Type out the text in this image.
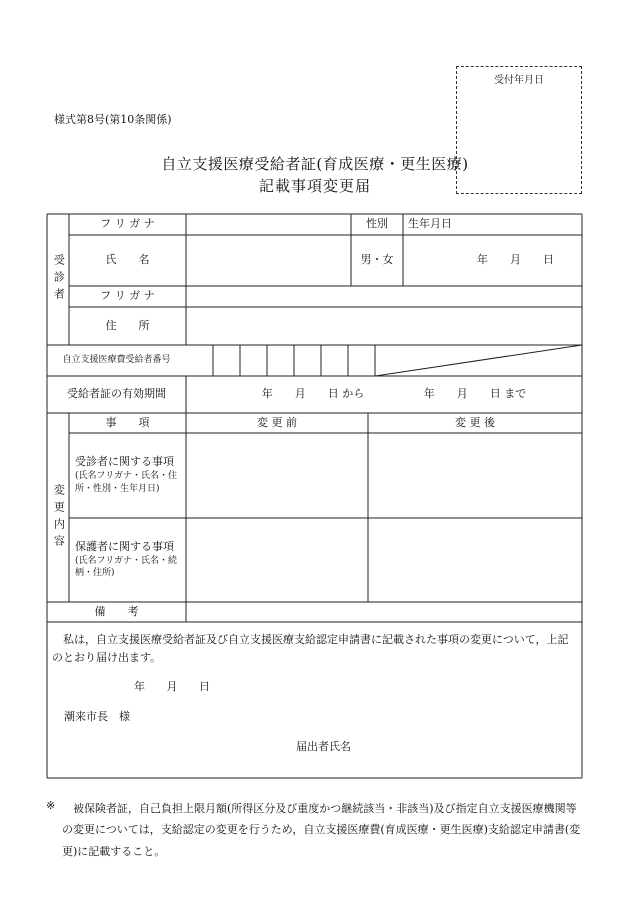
受付年月日
様式第8号(第10条関係)
自立支援医療受給者証(育成医療・更生医療)
記載事項変更届
受診者
フ リ ガ ナ	性別	生年月日
氏　　名	男・女	年　　月　　日
フ リ ガ ナ
住　　所
自立支援医療費受給者番号
受給者証の有効期間	年　　月　　日 から	年　　月　　日 まで
変更内容
事　　項	変 更 前	変 更 後
受診者に関する事項
(氏名フリガナ・氏名・住所・性別・生年月日)
保護者に関する事項
(氏名フリガナ・氏名・続柄・住所)
備　　考
私は，自立支援医療受給者証及び自立支援医療支給認定申請書に記載された事項の変更について，上記のとおり届け出ます。
年 月 日
潮来市長　様
届出者氏名
※	被保険者証，自己負担上限月額(所得区分及び重度かつ継続該当・非該当)及び指定自立支援医療機関等の変更については，支給認定の変更を行うため，自立支援医療費(育成医療・更生医療)支給認定申請書(変更)に記載すること。
